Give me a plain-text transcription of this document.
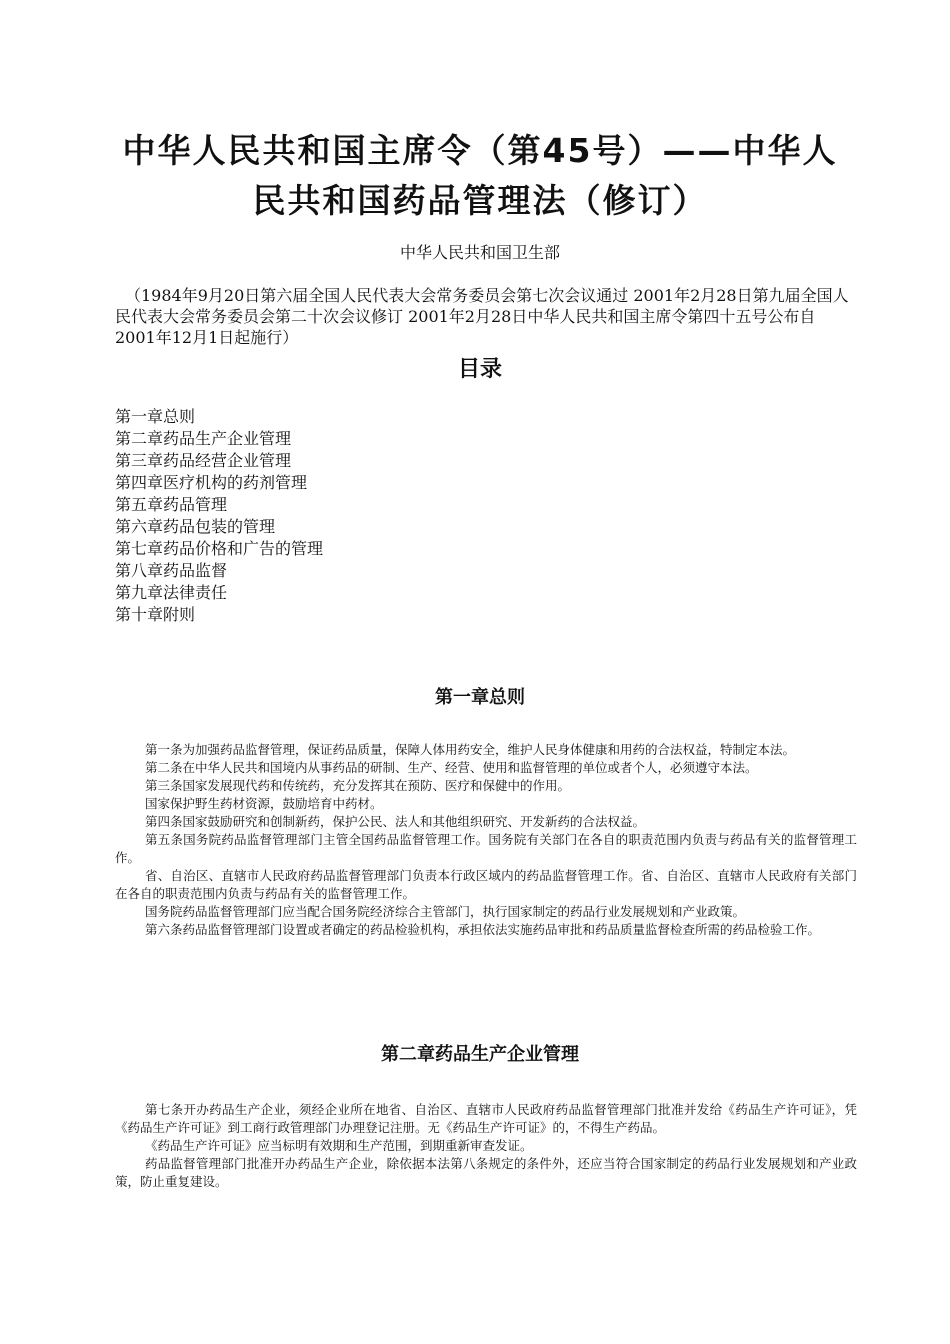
中华人民共和国主席令（第45号）——中华人民共和国药品管理法（修订）
中华人民共和国卫生部
（1984年9月20日第六届全国人民代表大会常务委员会第七次会议通过 2001年2月28日第九届全国人民代表大会常务委员会第二十次会议修订 2001年2月28日中华人民共和国主席令第四十五号公布自2001年12月1日起施行）
目录
第一章总则
第二章药品生产企业管理
第三章药品经营企业管理
第四章医疗机构的药剂管理
第五章药品管理
第六章药品包装的管理
第七章药品价格和广告的管理
第八章药品监督
第九章法律责任
第十章附则
第一章总则

第一条为加强药品监督管理，保证药品质量，保障人体用药安全，维护人民身体健康和用药的合法权益，特制定本法。

第二条在中华人民共和国境内从事药品的研制、生产、经营、使用和监督管理的单位或者个人，必须遵守本法。

第三条国家发展现代药和传统药，充分发挥其在预防、医疗和保健中的作用。

国家保护野生药材资源，鼓励培育中药材。

第四条国家鼓励研究和创制新药，保护公民、法人和其他组织研究、开发新药的合法权益。

第五条国务院药品监督管理部门主管全国药品监督管理工作。国务院有关部门在各自的职责范围内负责与药品有关的监督管理工作。

省、自治区、直辖市人民政府药品监督管理部门负责本行政区域内的药品监督管理工作。省、自治区、直辖市人民政府有关部门在各自的职责范围内负责与药品有关的监督管理工作。

国务院药品监督管理部门应当配合国务院经济综合主管部门，执行国家制定的药品行业发展规划和产业政策。

第六条药品监督管理部门设置或者确定的药品检验机构，承担依法实施药品审批和药品质量监督检查所需的药品检验工作。

第二章药品生产企业管理

第七条开办药品生产企业，须经企业所在地省、自治区、直辖市人民政府药品监督管理部门批准并发给《药品生产许可证》，凭《药品生产许可证》到工商行政管理部门办理登记注册。无《药品生产许可证》的，不得生产药品。

《药品生产许可证》应当标明有效期和生产范围，到期重新审查发证。

药品监督管理部门批准开办药品生产企业，除依据本法第八条规定的条件外，还应当符合国家制定的药品行业发展规划和产业政策，防止重复建设。
